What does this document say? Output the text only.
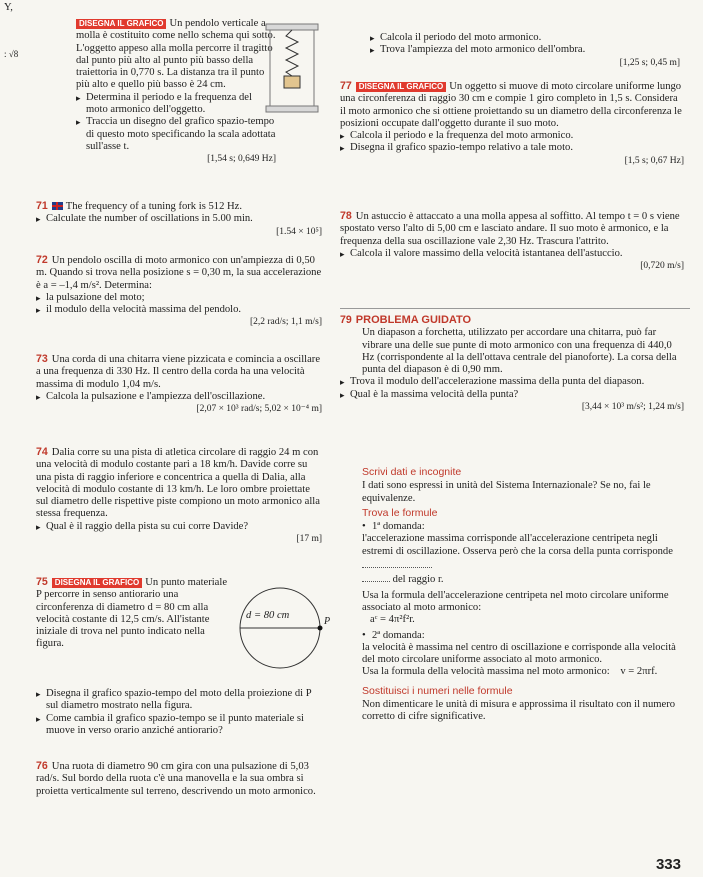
Y,
: √8

DISEGNA IL GRAFICO Un pendolo verticale a molla è costituito come nello schema qui sotto. L'oggetto appeso alla molla percorre il tragitto dal punto più alto al punto più basso della traiettoria in 0,770 s. La distanza tra il punto più alto e quello più basso è 24 cm.

▸ Determina il periodo e la frequenza del moto armonico dell'oggetto.

▸ Traccia un disegno del grafico spazio-tempo di questo moto specificando la scala adottata sull'asse t.

[1,54 s; 0,649 Hz]

▸ Calcola il periodo del moto armonico.

▸ Trova l'ampiezza del moto armonico dell'ombra.

[1,25 s; 0,45 m]

77 DISEGNA IL GRAFICO Un oggetto si muove di moto circolare uniforme lungo una circonferenza di raggio 30 cm e compie 1 giro completo in 1,5 s. Considera il moto armonico che si ottiene proiettando su un diametro della circonferenza le posizioni occupate dall'oggetto durante il suo moto.

▸ Calcola il periodo e la frequenza del moto armonico.

▸ Disegna il grafico spazio-tempo relativo a tale moto.

[1,5 s; 0,67 Hz]

71 The frequency of a tuning fork is 512 Hz.

▸ Calculate the number of oscillations in 5.00 min.

[1.54 × 10⁵]

72 Un pendolo oscilla di moto armonico con un'ampiezza di 0,50 m. Quando si trova nella posizione s = 0,30 m, la sua accelerazione è a = –1,4 m/s². Determina:

▸ la pulsazione del moto;

▸ il modulo della velocità massima del pendolo.

[2,2 rad/s; 1,1 m/s]

73 Una corda di una chitarra viene pizzicata e comincia a oscillare a una frequenza di 330 Hz. Il centro della corda ha una velocità massima di modulo 1,04 m/s.

▸ Calcola la pulsazione e l'ampiezza dell'oscillazione.

[2,07 × 10³ rad/s; 5,02 × 10⁻⁴ m]

74 Dalia corre su una pista di atletica circolare di raggio 24 m con una velocità di modulo costante pari a 18 km/h. Davide corre su una pista di raggio inferiore e concentrica a quella di Dalia, alla velocità di modulo costante di 13 km/h. Le loro ombre proiettate sul diametro delle rispettive piste compiono un moto armonico alla stessa frequenza.

▸ Qual è il raggio della pista su cui corre Davide?

[17 m]

78 Un astuccio è attaccato a una molla appesa al soffitto. Al tempo t = 0 s viene spostato verso l'alto di 5,00 cm e lasciato andare. Il suo moto è armonico, e la frequenza della sua oscillazione vale 2,30 Hz. Trascura l'attrito.

▸ Calcola il valore massimo della velocità istantanea dell'astuccio.

[0,720 m/s]

79 PROBLEMA GUIDATO

Un diapason a forchetta, utilizzato per accordare una chitarra, può far vibrare una delle sue punte di moto armonico con una frequenza di 440,0 Hz (corrispondente al la dell'ottava centrale del pianoforte). La corsa della punta del diapason è di 0,90 mm.

▸ Trova il modulo dell'accelerazione massima della punta del diapason.

▸ Qual è la massima velocità della punta?

[3,44 × 10³ m/s²; 1,24 m/s]

Scrivi dati e incognite

I dati sono espressi in unità del Sistema Internazionale? Se no, fai le equivalenze.

Trova le formule

• 1ª domanda:

l'accelerazione massima corrisponde all'accelerazione centripeta negli estremi di oscillazione. Osserva però che la corsa della punta corrisponde

del raggio r.

Usa la formula dell'accelerazione centripeta nel moto circolare uniforme associato al moto armonico:

aᶜ = 4π²f²r.

• 2ª domanda:

la velocità è massima nel centro di oscillazione e corrisponde alla velocità del moto circolare uniforme associato al moto armonico.

Usa la formula della velocità massima nel moto armonico: v = 2πrf.

Sostituisci i numeri nelle formule

Non dimenticare le unità di misura e approssima il risultato con il numero corretto di cifre significative.

75 DISEGNA IL GRAFICO Un punto materiale P percorre in senso antiorario una circonferenza di diametro d = 80 cm alla velocità costante di 12,5 cm/s. All'istante iniziale di trova nel punto indicato nella figura.

▸ Disegna il grafico spazio-tempo del moto della proiezione di P sul diametro mostrato nella figura.

▸ Come cambia il grafico spazio-tempo se il punto materiale si muove in verso orario anziché antiorario?

d = 80 cm
P

76 Una ruota di diametro 90 cm gira con una pulsazione di 5,03 rad/s. Sul bordo della ruota c'è una manovella e la sua ombra si proietta verticalmente sul terreno, descrivendo un moto armonico.

333
